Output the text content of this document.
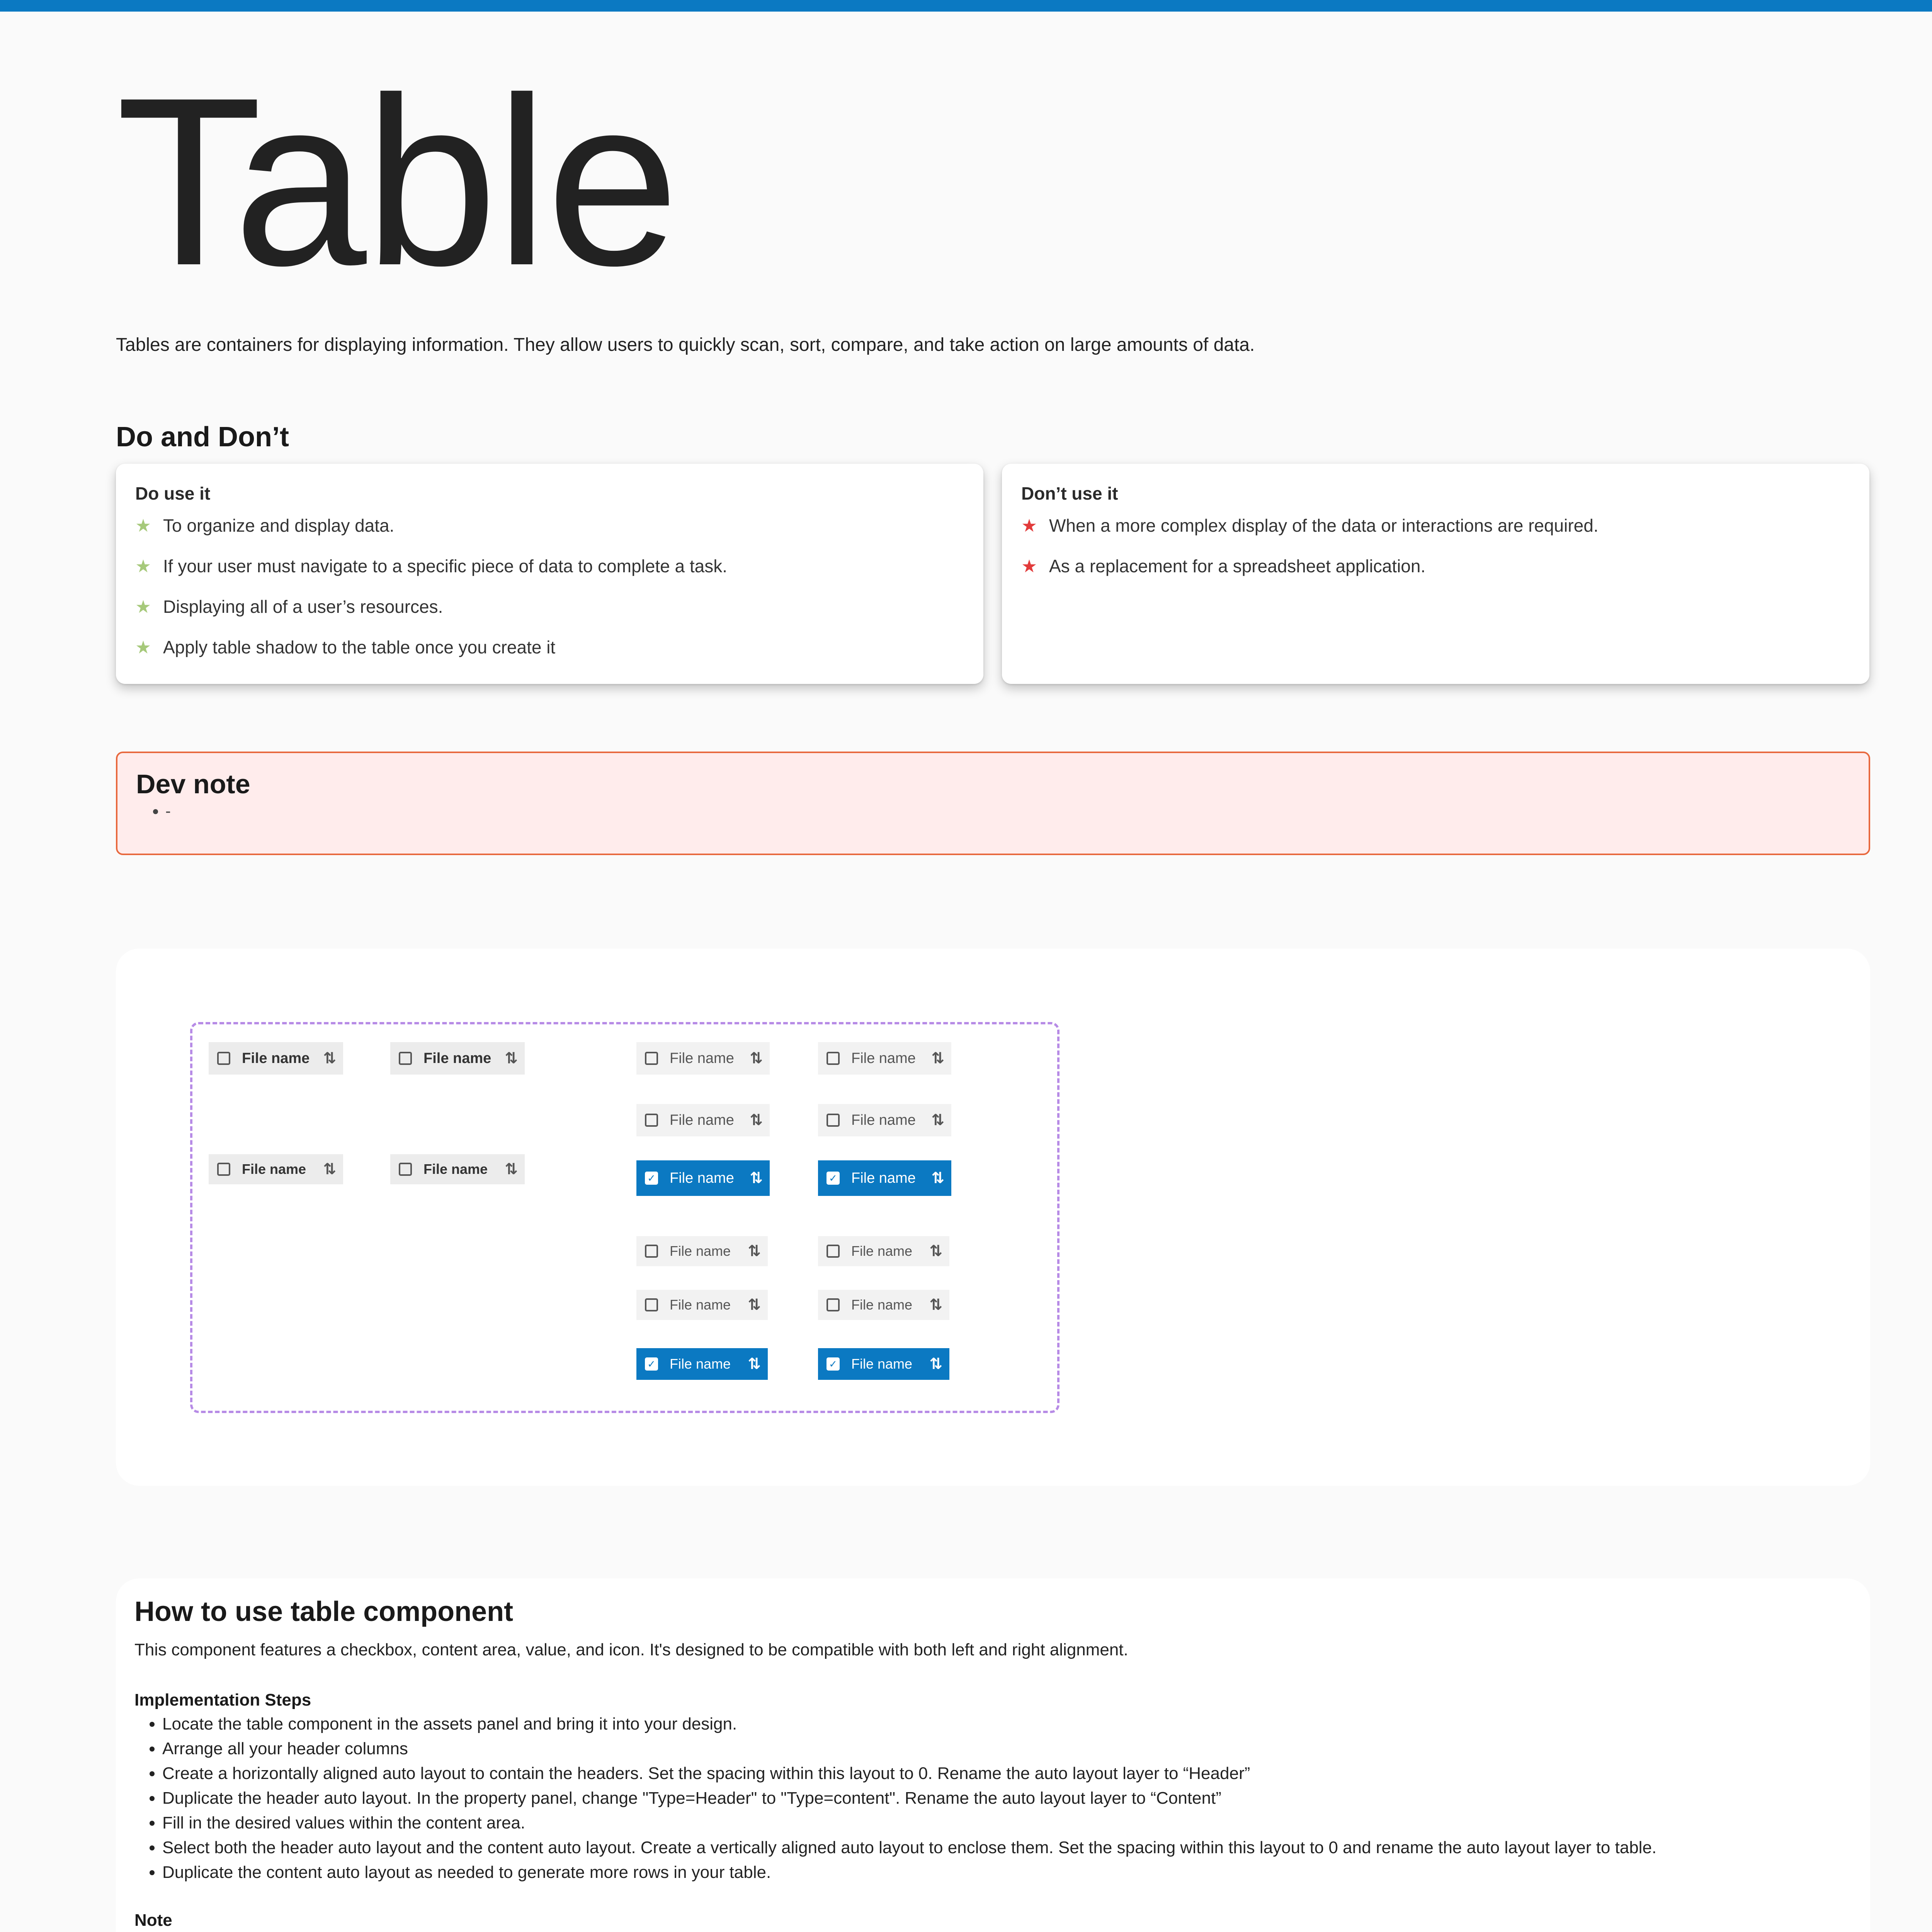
Table

Tables are containers for displaying information. They allow users to quickly scan, sort, compare, and take action on large amounts of data.

Do and Don’t
Do use it
★ To organize and display data.
★ If your user must navigate to a specific piece of data to complete a task.
★ Displaying all of a user’s resources.
★ Apply table shadow to the table once you create it
Don’t use it
★ When a more complex display of the data or interactions are required.
★ As a replacement for a spreadsheet application.
Dev note
• -
File name ⇅	File name ⇅
File name	⇅	File name	⇅
File name	⇅	File name	⇅
File name	⇅	File name	⇅
✓ File name	⇅	✓ File name	⇅
File name	⇅	File name	⇅
File name	⇅	File name	⇅
✓ File name	⇅	✓ File name	⇅
How to use table component

This component features a checkbox, content area, value, and icon. It's designed to be compatible with both left and right alignment.

Implementation Steps

• Locate the table component in the assets panel and bring it into your design.
• Arrange all your header columns
• Create a horizontally aligned auto layout to contain the headers. Set the spacing within this layout to 0. Rename the auto layout layer to “Header”
• Duplicate the header auto layout. In the property panel, change "Type=Header" to "Type=content". Rename the auto layout layer to “Content”
• Fill in the desired values within the content area.
• Select both the header auto layout and the content auto layout. Create a vertically aligned auto layout to enclose them. Set the spacing within this layout to 0 and rename the auto layout layer to table.
• Duplicate the content auto layout as needed to generate more rows in your table.

Note
